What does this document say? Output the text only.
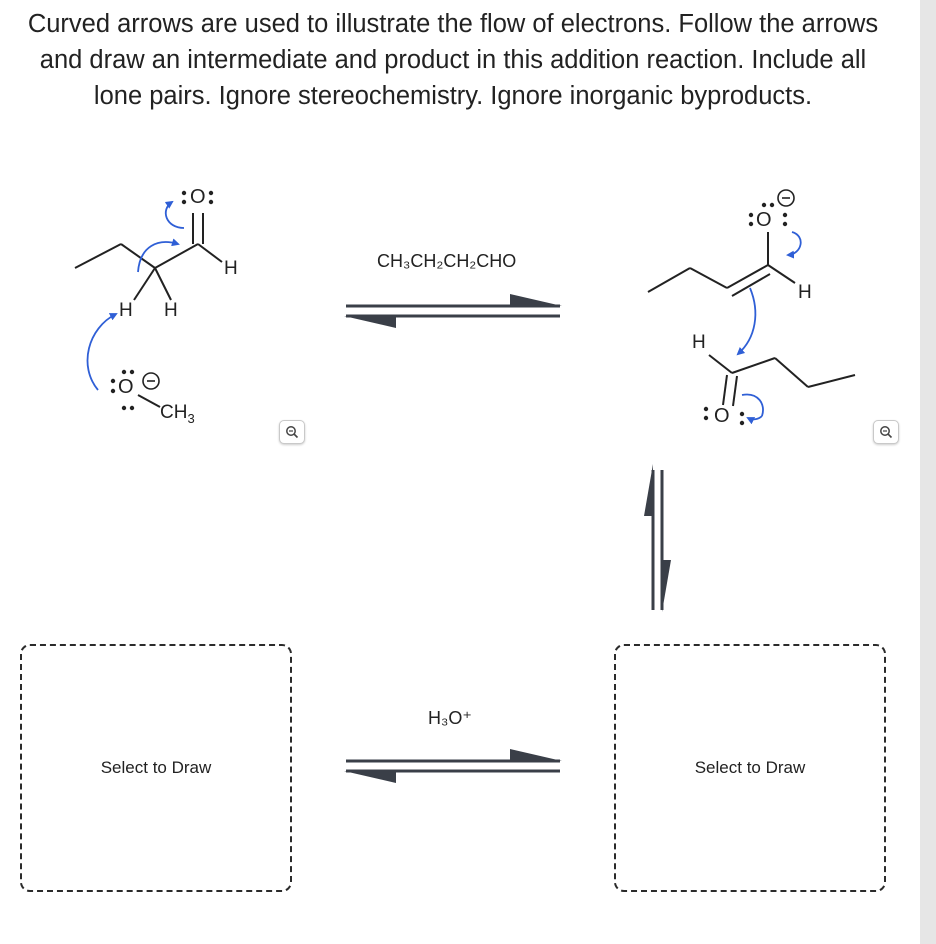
Curved arrows are used to illustrate the flow of electrons. Follow the arrows
and draw an intermediate and product in this addition reaction. Include all
lone pairs. Ignore stereochemistry. Ignore inorganic byproducts.
O
H
H H
O
$CH_3$
CH₃CH₂CH₂CHO
O
H
H
O
H₃O⁺
Select to Draw	Select to Draw
